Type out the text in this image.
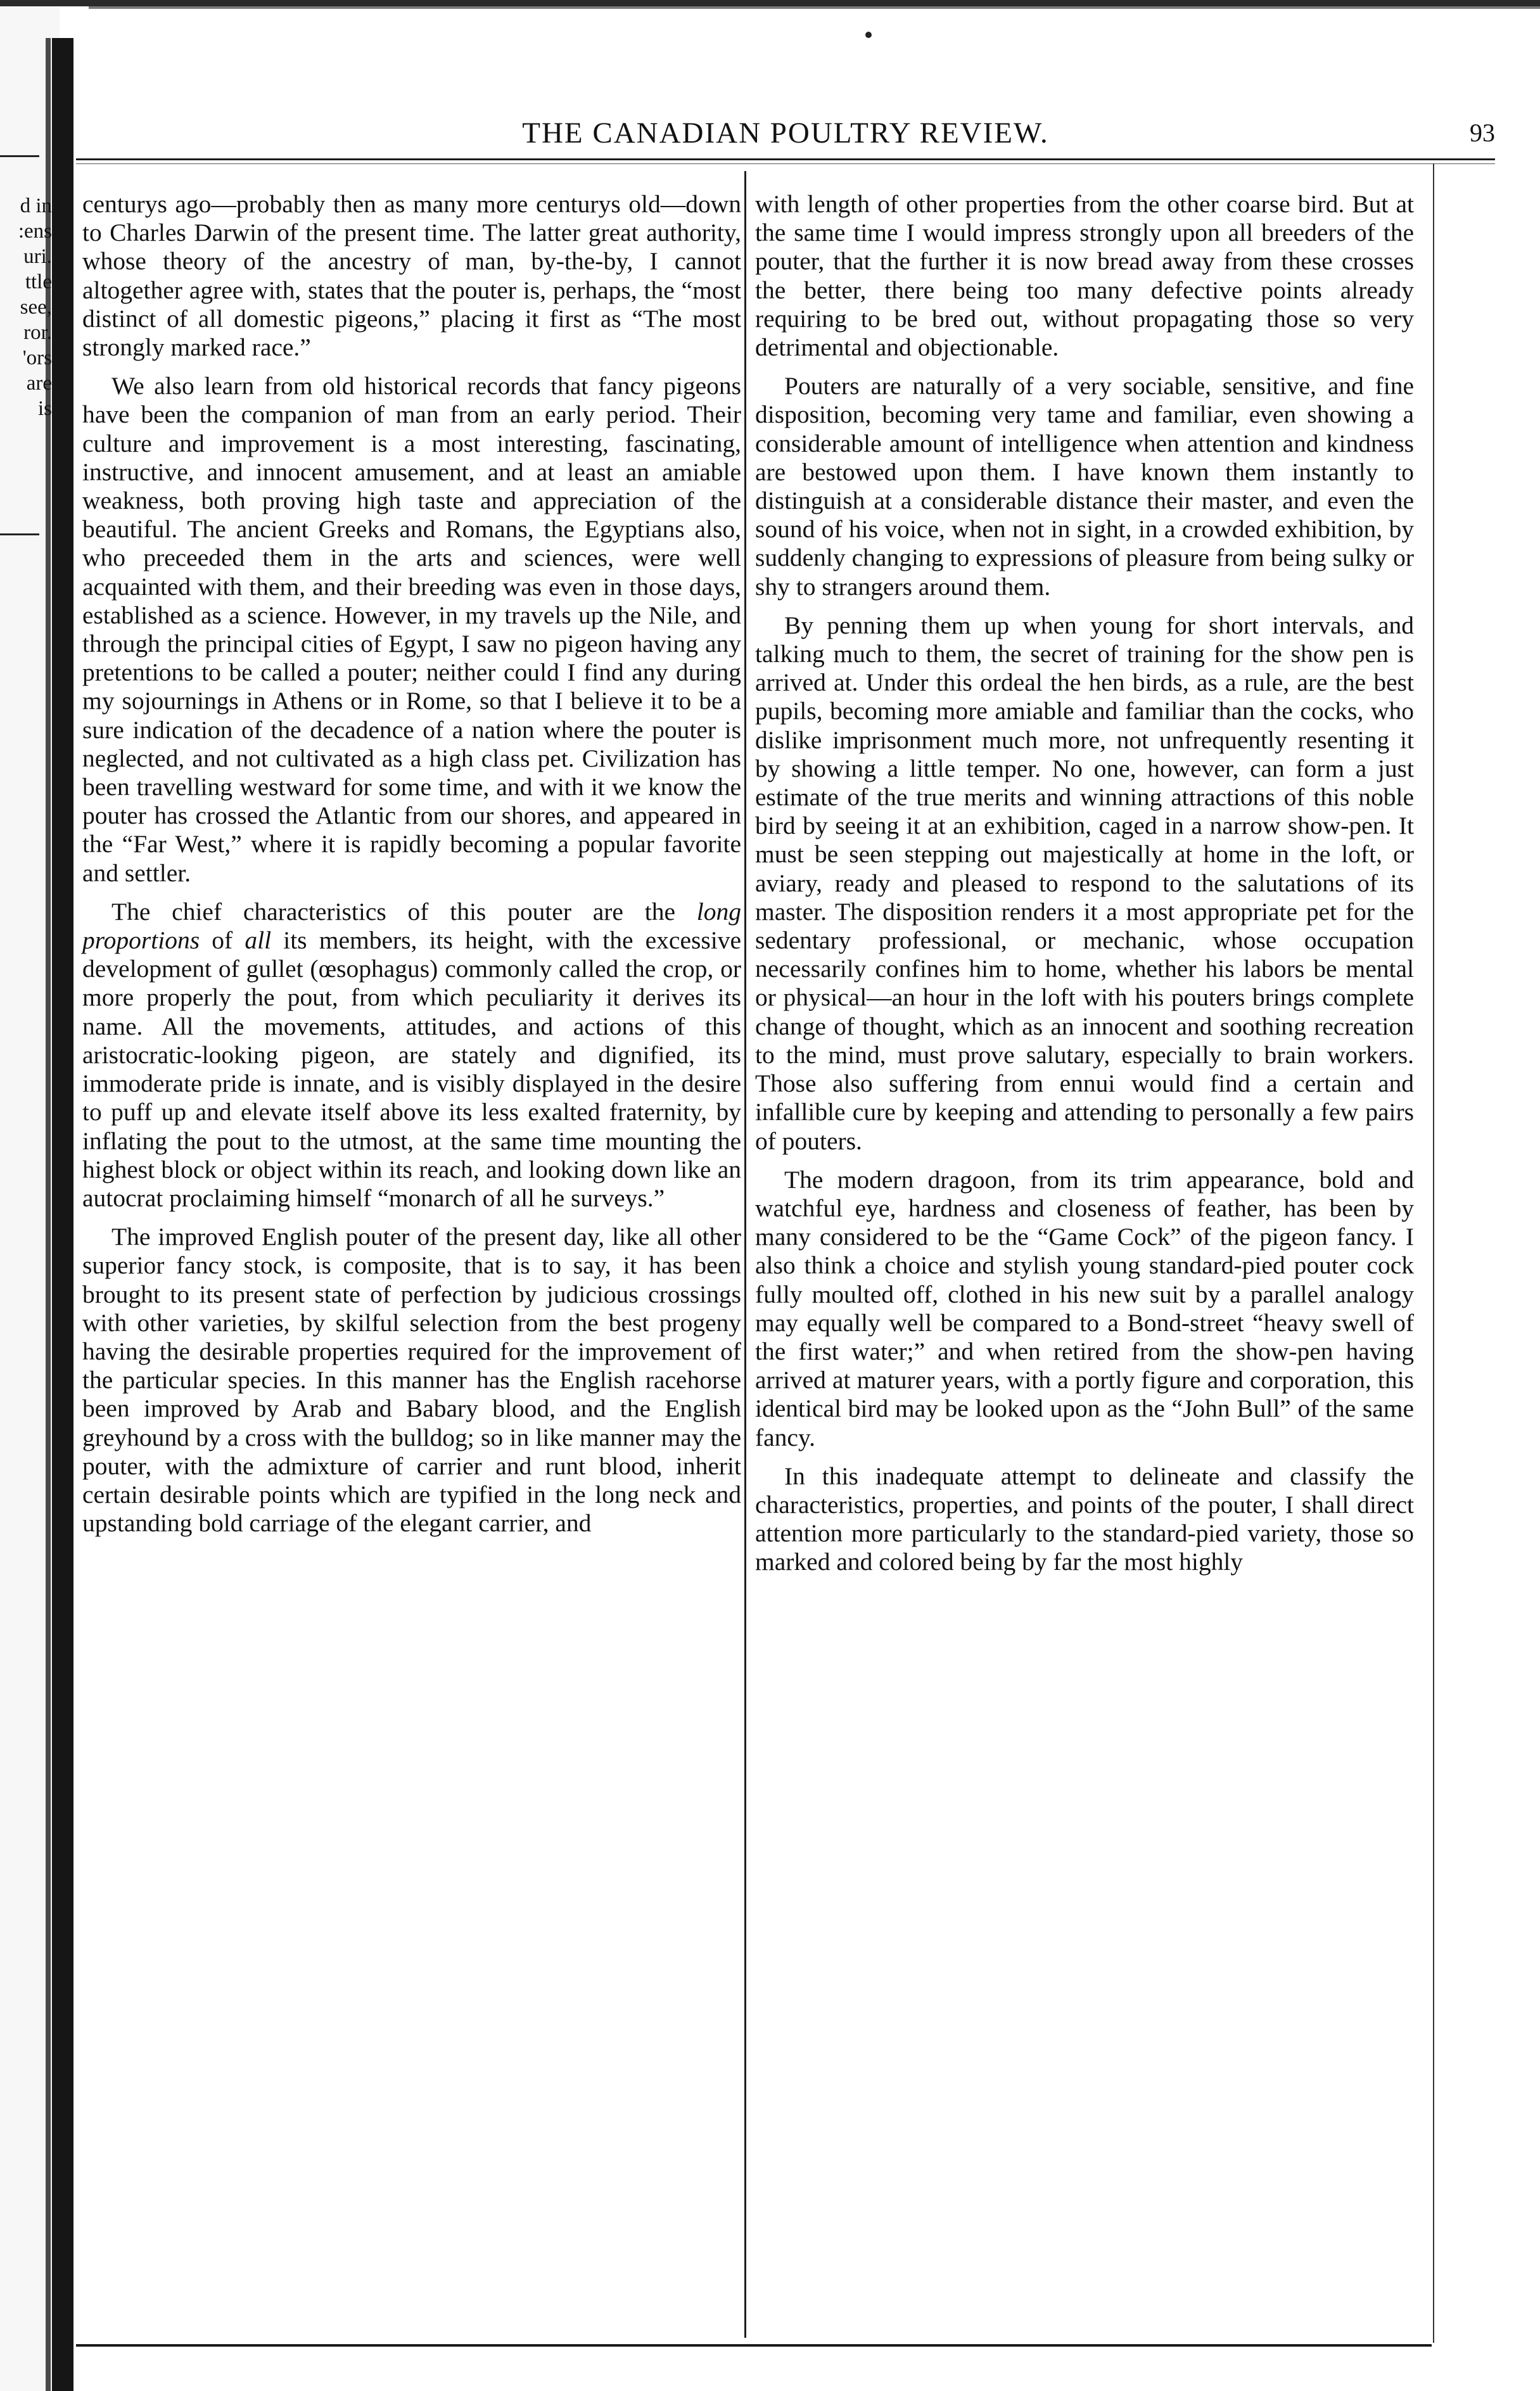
d in
:ens
uri.
ttle
see,
ror.
'ors
are
is
THE CANADIAN POULTRY REVIEW.	93

centurys ago—probably then as many more centurys old—down to Charles Darwin of the present time. The latter great authority, whose theory of the ancestry of man, by-the-by, I cannot altogether agree with, states that the pouter is, perhaps, the “most distinct of all domestic pigeons,” placing it first as “The most strongly marked race.”

We also learn from old historical records that fancy pigeons have been the companion of man from an early period. Their culture and improvement is a most interesting, fascinating, instructive, and innocent amusement, and at least an amiable weakness, both proving high taste and appreciation of the beautiful. The ancient Greeks and Romans, the Egyptians also, who preceeded them in the arts and sciences, were well acquainted with them, and their breeding was even in those days, established as a science. However, in my travels up the Nile, and through the principal cities of Egypt, I saw no pigeon having any pretentions to be called a pouter; neither could I find any during my sojournings in Athens or in Rome, so that I believe it to be a sure indication of the decadence of a nation where the pouter is neglected, and not cultivated as a high class pet. Civilization has been travelling westward for some time, and with it we know the pouter has crossed the Atlantic from our shores, and appeared in the “Far West,” where it is rapidly becoming a popular favorite and settler.

The chief characteristics of this pouter are the long proportions of all its members, its height, with the excessive development of gullet (œsophagus) commonly called the crop, or more properly the pout, from which peculiarity it derives its name. All the movements, attitudes, and actions of this aristocratic-looking pigeon, are stately and dignified, its immoderate pride is innate, and is visibly displayed in the desire to puff up and elevate itself above its less exalted fraternity, by inflating the pout to the utmost, at the same time mounting the highest block or object within its reach, and looking down like an autocrat proclaiming himself “monarch of all he surveys.”

The improved English pouter of the present day, like all other superior fancy stock, is composite, that is to say, it has been brought to its present state of perfection by judicious crossings with other varieties, by skilful selection from the best progeny having the desirable properties required for the improvement of the particular species. In this manner has the English racehorse been improved by Arab and Babary blood, and the English greyhound by a cross with the bulldog; so in like manner may the pouter, with the admixture of carrier and runt blood, inherit certain desirable points which are typified in the long neck and upstanding bold carriage of the elegant carrier, and

with length of other properties from the other coarse bird. But at the same time I would impress strongly upon all breeders of the pouter, that the further it is now bread away from these crosses the better, there being too many defective points already requiring to be bred out, without propagating those so very detrimental and objectionable.

Pouters are naturally of a very sociable, sensitive, and fine disposition, becoming very tame and familiar, even showing a considerable amount of intelligence when attention and kindness are bestowed upon them. I have known them instantly to distinguish at a considerable distance their master, and even the sound of his voice, when not in sight, in a crowded exhibition, by suddenly changing to expressions of pleasure from being sulky or shy to strangers around them.

By penning them up when young for short intervals, and talking much to them, the secret of training for the show pen is arrived at. Under this ordeal the hen birds, as a rule, are the best pupils, becoming more amiable and familiar than the cocks, who dislike imprisonment much more, not unfrequently resenting it by showing a little temper. No one, however, can form a just estimate of the true merits and winning attractions of this noble bird by seeing it at an exhibition, caged in a narrow show-pen. It must be seen stepping out majestically at home in the loft, or aviary, ready and pleased to respond to the salutations of its master. The disposition renders it a most appropriate pet for the sedentary professional, or mechanic, whose occupation necessarily confines him to home, whether his labors be mental or physical—an hour in the loft with his pouters brings complete change of thought, which as an innocent and soothing recreation to the mind, must prove salutary, especially to brain workers. Those also suffering from ennui would find a certain and infallible cure by keeping and attending to personally a few pairs of pouters.

The modern dragoon, from its trim appearance, bold and watchful eye, hardness and closeness of feather, has been by many considered to be the “Game Cock” of the pigeon fancy. I also think a choice and stylish young standard-pied pouter cock fully moulted off, clothed in his new suit by a parallel analogy may equally well be compared to a Bond-street “heavy swell of the first water;” and when retired from the show-pen having arrived at maturer years, with a portly figure and corporation, this identical bird may be looked upon as the “John Bull” of the same fancy.

In this inadequate attempt to delineate and classify the characteristics, properties, and points of the pouter, I shall direct attention more particularly to the standard-pied variety, those so marked and colored being by far the most highly
